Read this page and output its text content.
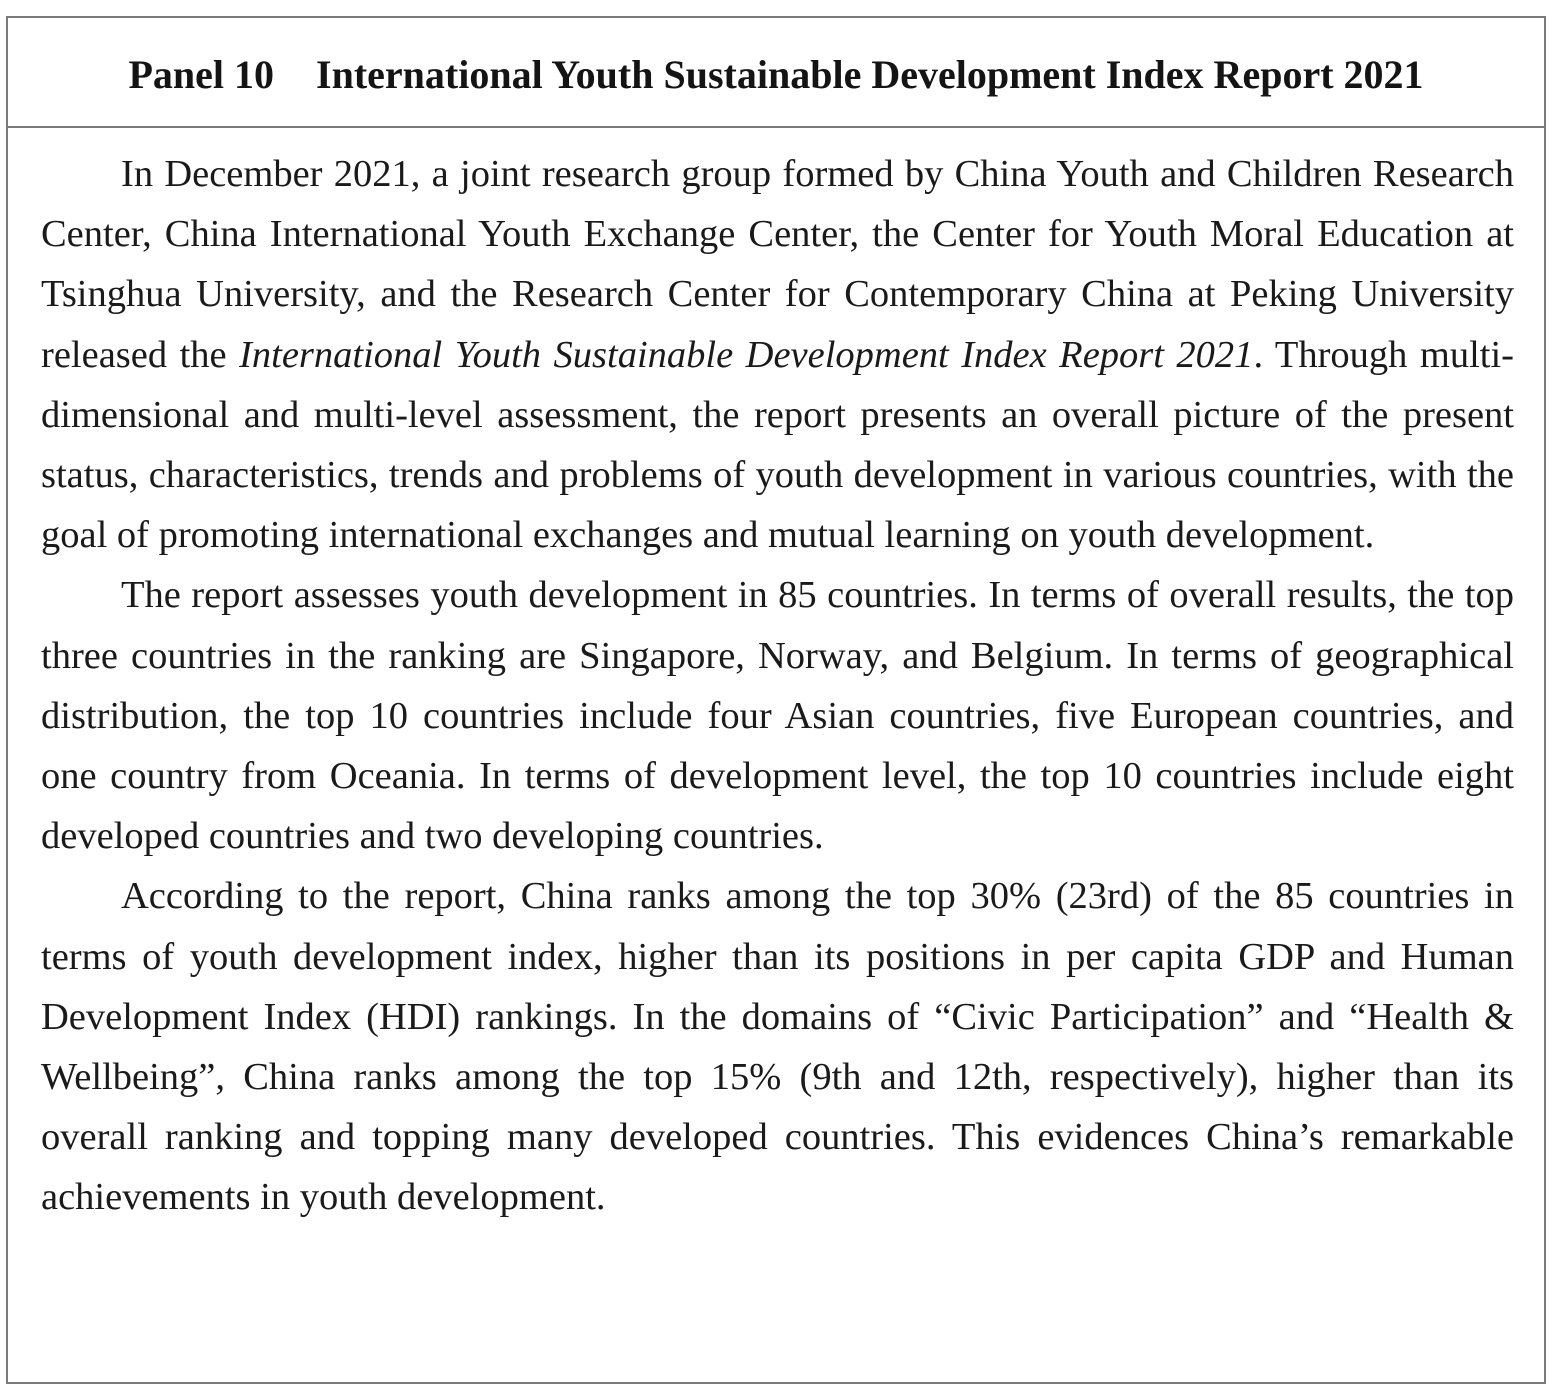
Panel 10 International Youth Sustainable Development Index Report 2021

In December 2021, a joint research group formed by China Youth and Children Research Center, China International Youth Exchange Center, the Center for Youth Moral Education at Tsinghua University, and the Research Center for Contemporary China at Peking University released the International Youth Sustainable Development Index Report 2021. Through multi-dimensional and multi-level assessment, the report presents an overall picture of the present status, characteristics, trends and problems of youth development in various countries, with the goal of promoting international exchanges and mutual learning on youth development.

The report assesses youth development in 85 countries. In terms of overall results, the top three countries in the ranking are Singapore, Norway, and Belgium. In terms of geographical distribution, the top 10 countries include four Asian countries, five European countries, and one country from Oceania. In terms of development level, the top 10 countries include eight developed countries and two developing countries.

According to the report, China ranks among the top 30% (23rd) of the 85 countries in terms of youth development index, higher than its positions in per capita GDP and Human Development Index (HDI) rankings. In the domains of “Civic Participation” and “Health & Wellbeing”, China ranks among the top 15% (9th and 12th, respectively), higher than its overall ranking and topping many developed countries. This evidences China’s remarkable achievements in youth development.
